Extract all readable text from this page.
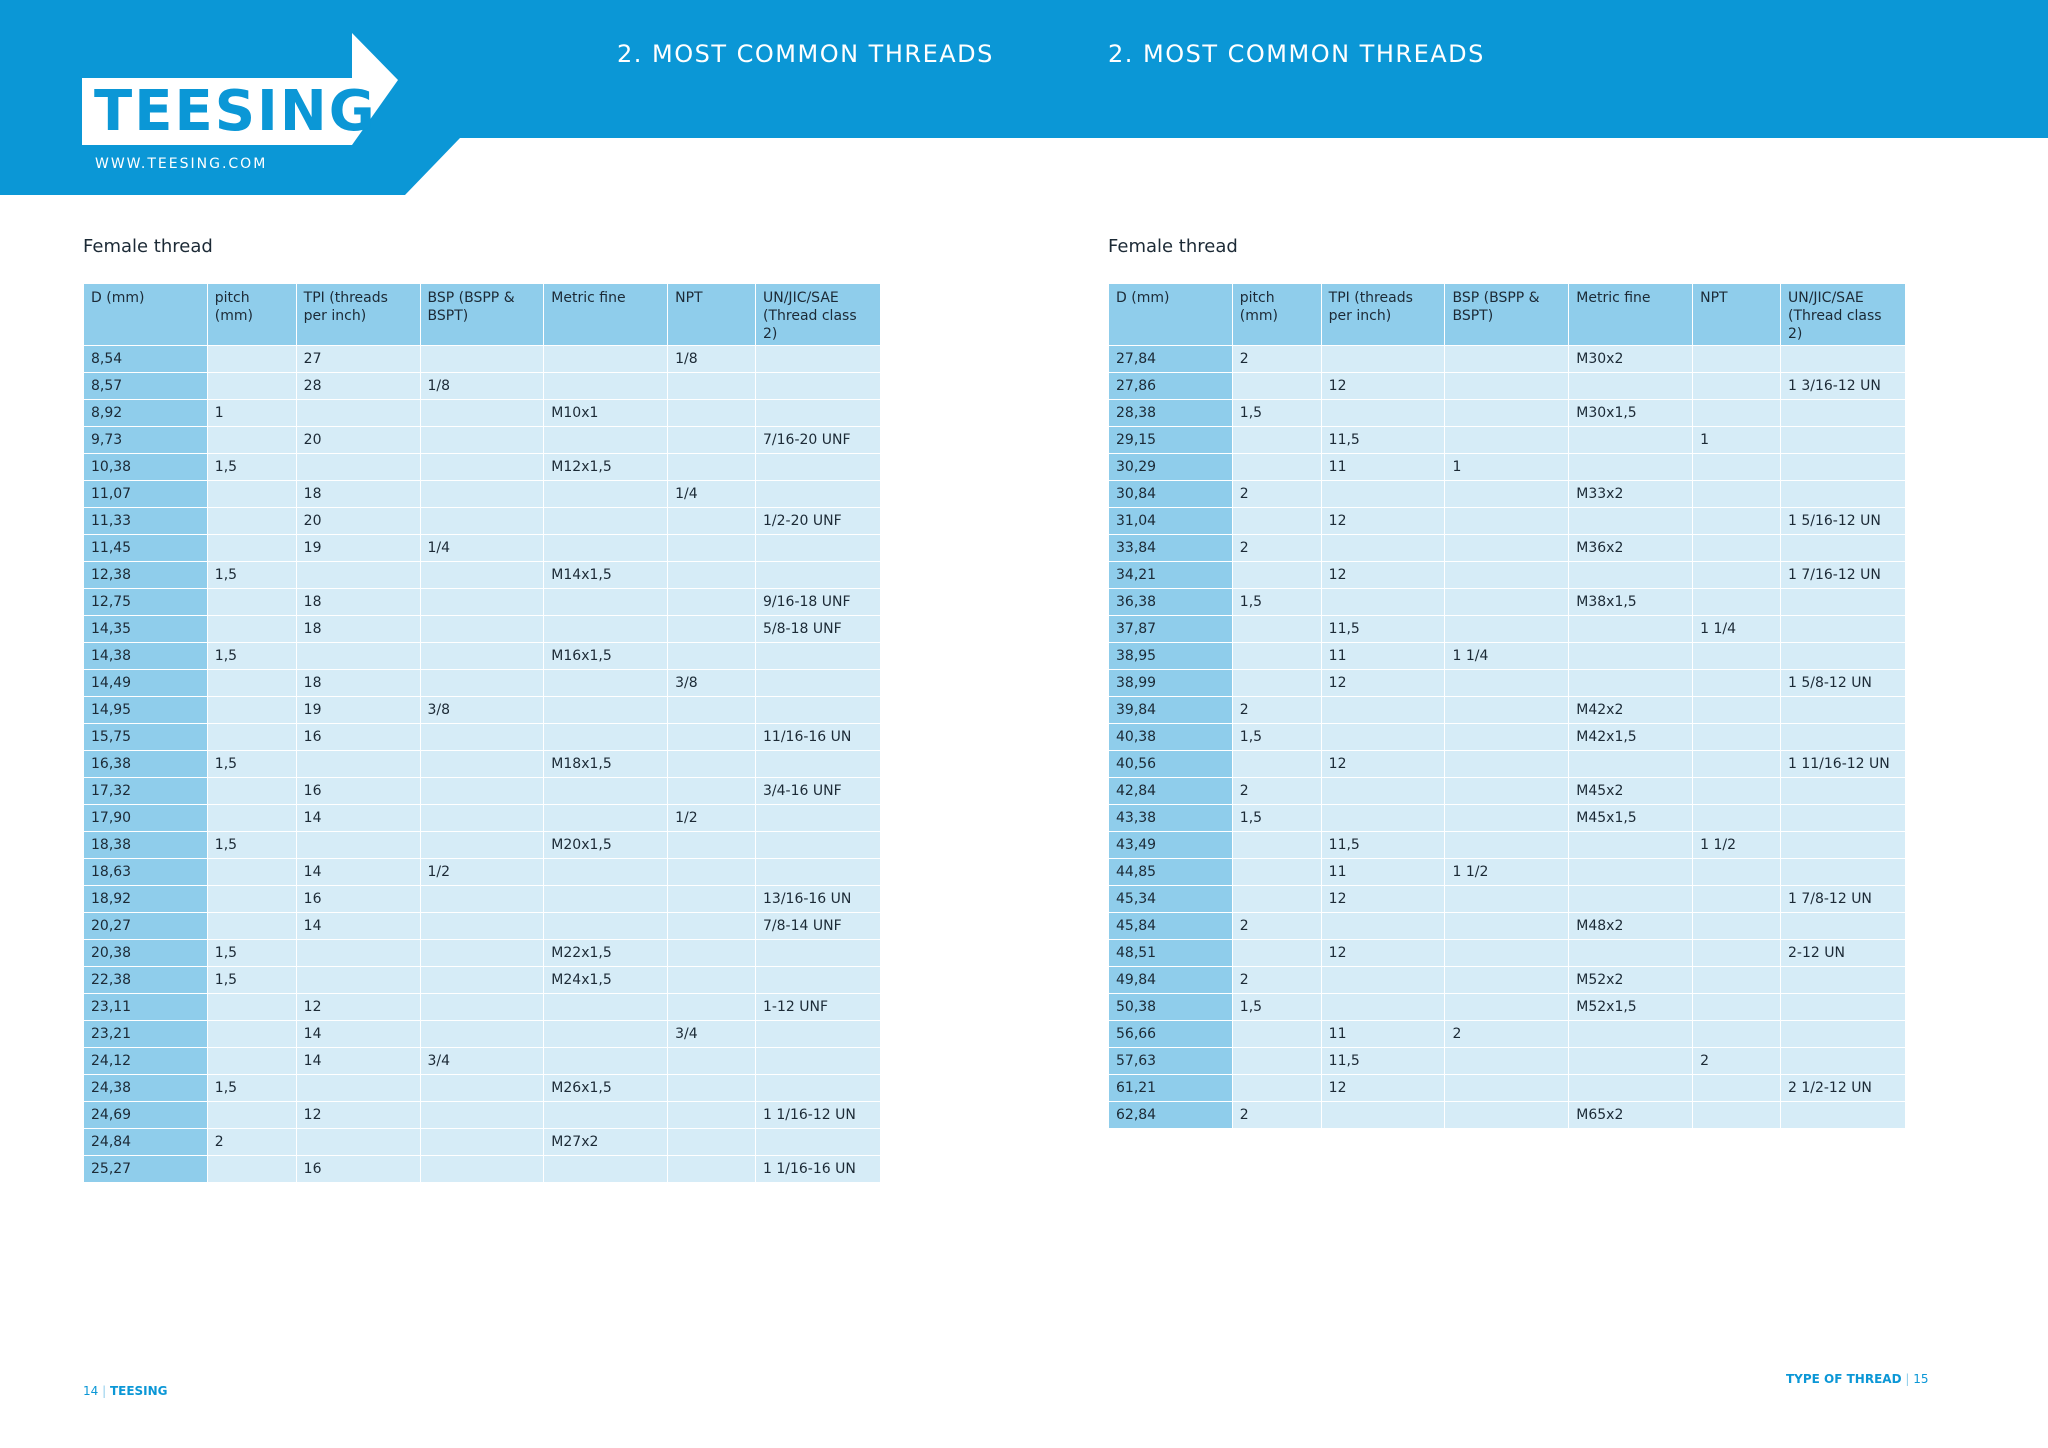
TEESING
WWW.TEESING.COM
2. MOST COMMON THREADS	2. MOST COMMON THREADS
Female thread	Female thread
D (mm)	pitch (mm)	TPI (threads per inch)	BSP (BSPP & BSPT)	Metric fine	NPT	UN/JIC/SAE (Thread class 2)
8,54		27			1/8	
8,57		28	1/8			
8,92	1			M10x1		
9,73		20				7/16-20 UNF
10,38	1,5			M12x1,5		
11,07		18			1/4	
11,33		20				1/2-20 UNF
11,45		19	1/4			
12,38	1,5			M14x1,5		
12,75		18				9/16-18 UNF
14,35		18				5/8-18 UNF
14,38	1,5			M16x1,5		
14,49		18			3/8	
14,95		19	3/8			
15,75		16				11/16-16 UN
16,38	1,5			M18x1,5		
17,32		16				3/4-16 UNF
17,90		14			1/2	
18,38	1,5			M20x1,5		
18,63		14	1/2			
18,92		16				13/16-16 UN
20,27		14				7/8-14 UNF
20,38	1,5			M22x1,5		
22,38	1,5			M24x1,5		
23,11		12				1-12 UNF
23,21		14			3/4	
24,12		14	3/4			
24,38	1,5			M26x1,5		
24,69		12				1 1/16-12 UN
24,84	2			M27x2		
25,27		16				1 1/16-16 UN
D (mm)	pitch (mm)	TPI (threads per inch)	BSP (BSPP & BSPT)	Metric fine	NPT	UN/JIC/SAE (Thread class 2)
27,84	2			M30x2		
27,86		12				1 3/16-12 UN
28,38	1,5			M30x1,5		
29,15		11,5			1	
30,29		11	1			
30,84	2			M33x2		
31,04		12				1 5/16-12 UN
33,84	2			M36x2		
34,21		12				1 7/16-12 UN
36,38	1,5			M38x1,5		
37,87		11,5			1 1/4	
38,95		11	1 1/4			
38,99		12				1 5/8-12 UN
39,84	2			M42x2		
40,38	1,5			M42x1,5		
40,56		12				1 11/16-12 UN
42,84	2			M45x2		
43,38	1,5			M45x1,5		
43,49		11,5			1 1/2	
44,85		11	1 1/2			
45,34		12				1 7/8-12 UN
45,84	2			M48x2		
48,51		12				2-12 UN
49,84	2			M52x2		
50,38	1,5			M52x1,5		
56,66		11	2			
57,63		11,5			2	
61,21		12				2 1/2-12 UN
62,84	2			M65x2		
14 | TEESING
TYPE OF THREAD | 15
